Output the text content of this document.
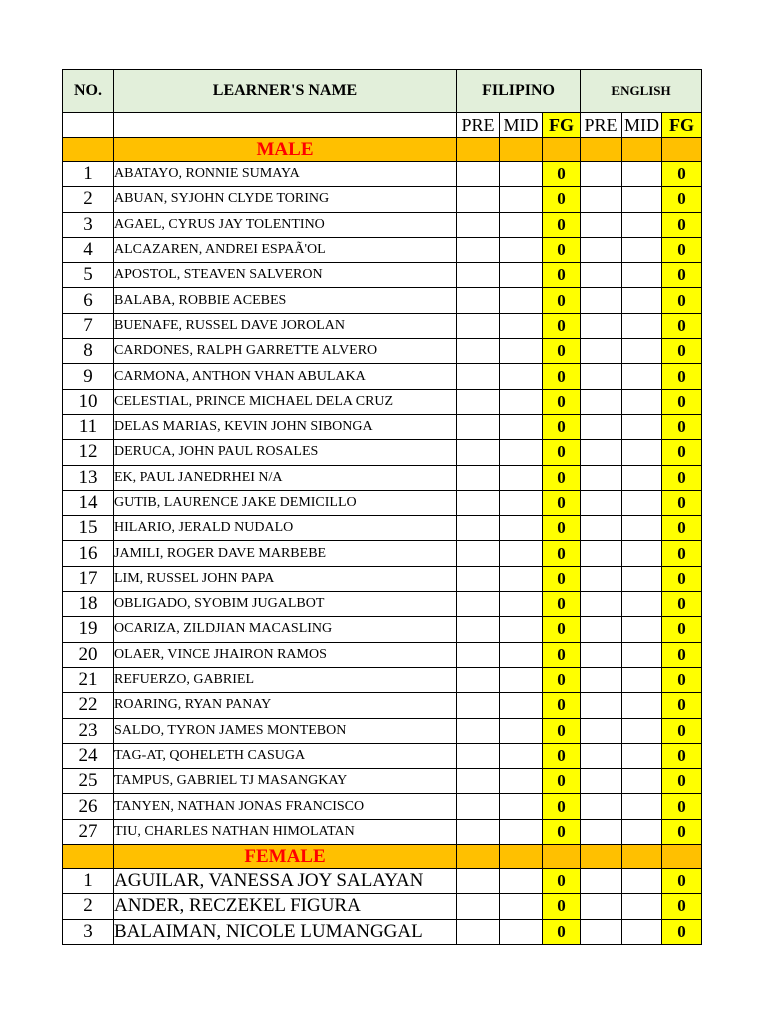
NO.	LEARNER'S NAME	FILIPINO			ENGLISH		
		PRE	MID	FG	PRE	MID	FG
	MALE						
1	ABATAYO, RONNIE SUMAYA			0			0
2	ABUAN, SYJOHN CLYDE TORING			0			0
3	AGAEL, CYRUS JAY TOLENTINO			0			0
4	ALCAZAREN, ANDREI ESPAÃ'OL			0			0
5	APOSTOL, STEAVEN SALVERON			0			0
6	BALABA, ROBBIE ACEBES			0			0
7	BUENAFE, RUSSEL DAVE JOROLAN			0			0
8	CARDONES, RALPH GARRETTE ALVERO			0			0
9	CARMONA, ANTHON VHAN ABULAKA			0			0
10	CELESTIAL, PRINCE MICHAEL DELA CRUZ			0			0
11	DELAS MARIAS, KEVIN JOHN SIBONGA			0			0
12	DERUCA, JOHN PAUL ROSALES			0			0
13	EK, PAUL JANEDRHEI N/A			0			0
14	GUTIB, LAURENCE JAKE DEMICILLO			0			0
15	HILARIO, JERALD NUDALO			0			0
16	JAMILI, ROGER DAVE MARBEBE			0			0
17	LIM, RUSSEL JOHN PAPA			0			0
18	OBLIGADO, SYOBIM JUGALBOT			0			0
19	OCARIZA, ZILDJIAN MACASLING			0			0
20	OLAER, VINCE JHAIRON RAMOS			0			0
21	REFUERZO, GABRIEL			0			0
22	ROARING, RYAN PANAY			0			0
23	SALDO, TYRON JAMES MONTEBON			0			0
24	TAG-AT, QOHELETH CASUGA			0			0
25	TAMPUS, GABRIEL TJ MASANGKAY			0			0
26	TANYEN, NATHAN JONAS FRANCISCO			0			0
27	TIU, CHARLES NATHAN HIMOLATAN			0			0
	FEMALE						
1	AGUILAR, VANESSA JOY SALAYAN			0			0
2	ANDER, RECZEKEL FIGURA			0			0
3	BALAIMAN, NICOLE LUMANGGAL			0			0
